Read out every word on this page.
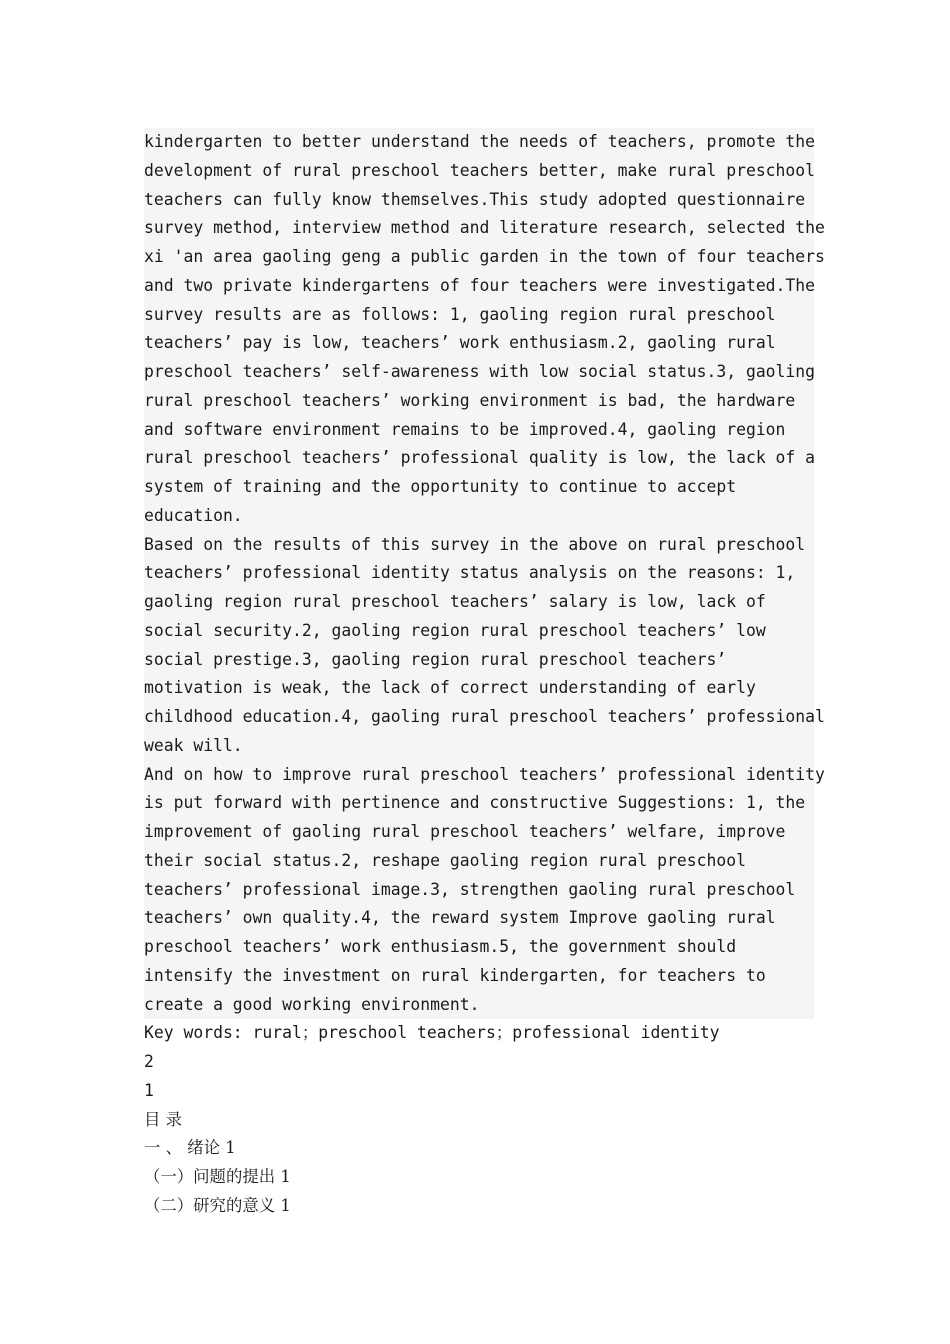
kindergarten to better understand the needs of teachers, promote the
development of rural preschool teachers better, make rural preschool
teachers can fully know themselves.This study adopted questionnaire
survey method, interview method and literature research, selected the
xi 'an area gaoling geng a public garden in the town of four teachers
and two private kindergartens of four teachers were investigated.The
survey results are as follows: 1, gaoling region rural preschool
teachers’ pay is low, teachers’ work enthusiasm.2, gaoling rural
preschool teachers’ self-awareness with low social status.3, gaoling
rural preschool teachers’ working environment is bad, the hardware
and software environment remains to be improved.4, gaoling region
rural preschool teachers’ professional quality is low, the lack of a
system of training and the opportunity to continue to accept
education.
Based on the results of this survey in the above on rural preschool
teachers’ professional identity status analysis on the reasons: 1,
gaoling region rural preschool teachers’ salary is low, lack of
social security.2, gaoling region rural preschool teachers’ low
social prestige.3, gaoling region rural preschool teachers’
motivation is weak, the lack of correct understanding of early
childhood education.4, gaoling rural preschool teachers’ professional
weak will.
And on how to improve rural preschool teachers’ professional identity
is put forward with pertinence and constructive Suggestions: 1, the
improvement of gaoling rural preschool teachers’ welfare, improve
their social status.2, reshape gaoling region rural preschool
teachers’ professional image.3, strengthen gaoling rural preschool
teachers’ own quality.4, the reward system Improve gaoling rural
preschool teachers’ work enthusiasm.5, the government should
intensify the investment on rural kindergarten, for teachers to
create a good working environment.
Key words: rural；preschool teachers；professional identity
2
1
目 录
一 、 绪论 1
（一）问题的提出 1
（二）研究的意义 1
